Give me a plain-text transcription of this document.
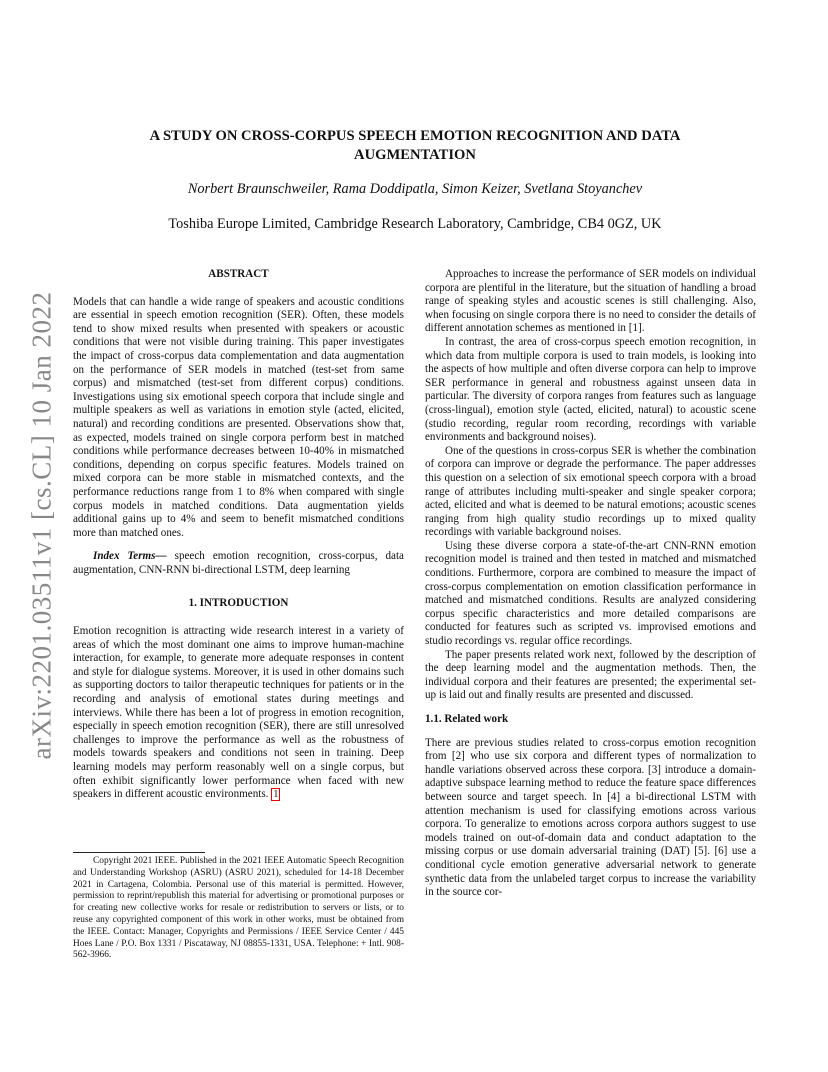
arXiv:2201.03511v1 [cs.CL] 10 Jan 2022
A STUDY ON CROSS-CORPUS SPEECH EMOTION RECOGNITION AND DATA AUGMENTATION
Norbert Braunschweiler, Rama Doddipatla, Simon Keizer, Svetlana Stoyanchev
Toshiba Europe Limited, Cambridge Research Laboratory, Cambridge, CB4 0GZ, UK
ABSTRACT

Models that can handle a wide range of speakers and acoustic conditions are essential in speech emotion recognition (SER). Often, these models tend to show mixed results when presented with speakers or acoustic conditions that were not visible during training. This paper investigates the impact of cross-corpus data complementation and data augmentation on the performance of SER models in matched (test-set from same corpus) and mismatched (test-set from different corpus) conditions. Investigations using six emotional speech corpora that include single and multiple speakers as well as variations in emotion style (acted, elicited, natural) and recording conditions are presented. Observations show that, as expected, models trained on single corpora perform best in matched conditions while performance decreases between 10-40% in mismatched conditions, depending on corpus specific features. Models trained on mixed corpora can be more stable in mismatched contexts, and the performance reductions range from 1 to 8% when compared with single corpus models in matched conditions. Data augmentation yields additional gains up to 4% and seem to benefit mismatched conditions more than matched ones.

Index Terms— speech emotion recognition, cross-corpus, data augmentation, CNN-RNN bi-directional LSTM, deep learning

1. INTRODUCTION

Emotion recognition is attracting wide research interest in a variety of areas of which the most dominant one aims to improve human-machine interaction, for example, to generate more adequate responses in content and style for dialogue systems. Moreover, it is used in other domains such as supporting doctors to tailor therapeutic techniques for patients or in the recording and analysis of emotional states during meetings and interviews. While there has been a lot of progress in emotion recognition, especially in speech emotion recognition (SER), there are still unresolved challenges to improve the performance as well as the robustness of models towards speakers and conditions not seen in training. Deep learning models may perform reasonably well on a single corpus, but often exhibit significantly lower performance when faced with new speakers in different acoustic environments. 1

Copyright 2021 IEEE. Published in the 2021 IEEE Automatic Speech Recognition and Understanding Workshop (ASRU) (ASRU 2021), scheduled for 14-18 December 2021 in Cartagena, Colombia. Personal use of this material is permitted. However, permission to reprint/republish this material for advertising or promotional purposes or for creating new collective works for resale or redistribution to servers or lists, or to reuse any copyrighted component of this work in other works, must be obtained from the IEEE. Contact: Manager, Copyrights and Permissions / IEEE Service Center / 445 Hoes Lane / P.O. Box 1331 / Piscataway, NJ 08855-1331, USA. Telephone: + Intl. 908-562-3966.

Approaches to increase the performance of SER models on individual corpora are plentiful in the literature, but the situation of handling a broad range of speaking styles and acoustic scenes is still challenging. Also, when focusing on single corpora there is no need to consider the details of different annotation schemes as mentioned in [1].

In contrast, the area of cross-corpus speech emotion recognition, in which data from multiple corpora is used to train models, is looking into the aspects of how multiple and often diverse corpora can help to improve SER performance in general and robustness against unseen data in particular. The diversity of corpora ranges from features such as language (cross-lingual), emotion style (acted, elicited, natural) to acoustic scene (studio recording, regular room recording, recordings with variable environments and background noises).

One of the questions in cross-corpus SER is whether the combination of corpora can improve or degrade the performance. The paper addresses this question on a selection of six emotional speech corpora with a broad range of attributes including multi-speaker and single speaker corpora; acted, elicited and what is deemed to be natural emotions; acoustic scenes ranging from high quality studio recordings up to mixed quality recordings with variable background noises.

Using these diverse corpora a state-of-the-art CNN-RNN emotion recognition model is trained and then tested in matched and mismatched conditions. Furthermore, corpora are combined to measure the impact of cross-corpus complementation on emotion classification performance in matched and mismatched conditions. Results are analyzed considering corpus specific characteristics and more detailed comparisons are conducted for features such as scripted vs. improvised emotions and studio recordings vs. regular office recordings.

The paper presents related work next, followed by the description of the deep learning model and the augmentation methods. Then, the individual corpora and their features are presented; the experimental set-up is laid out and finally results are presented and discussed.

1.1. Related work

There are previous studies related to cross-corpus emotion recognition from [2] who use six corpora and different types of normalization to handle variations observed across these corpora. [3] introduce a domain-adaptive subspace learning method to reduce the feature space differences between source and target speech. In [4] a bi-directional LSTM with attention mechanism is used for classifying emotions across various corpora. To generalize to emotions across corpora authors suggest to use models trained on out-of-domain data and conduct adaptation to the missing corpus or use domain adversarial training (DAT) [5]. [6] use a conditional cycle emotion generative adversarial network to generate synthetic data from the unlabeled target corpus to increase the variability in the source cor-
